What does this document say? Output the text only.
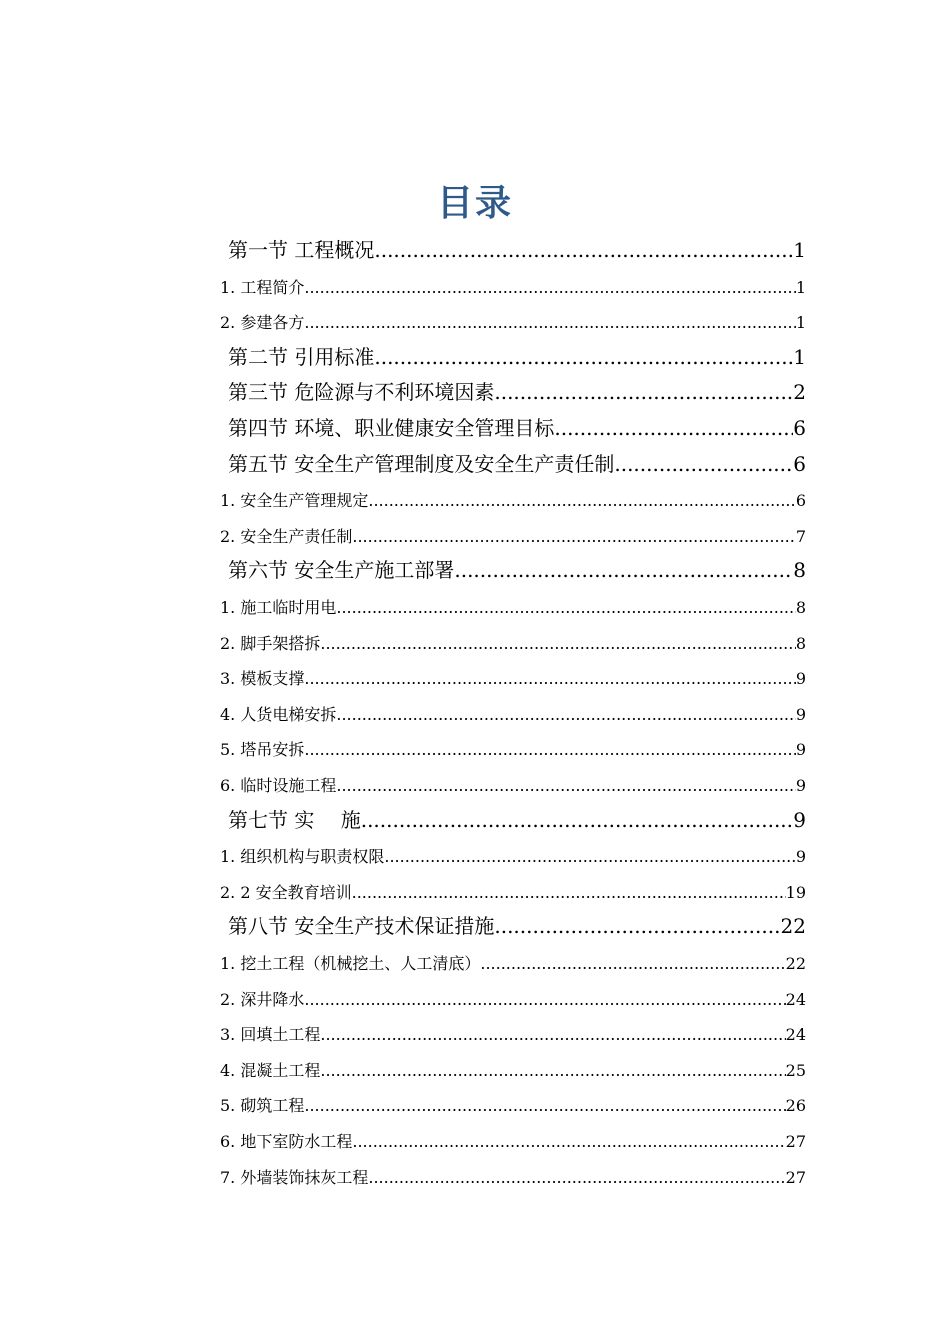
目录
第一节 工程概况 .....	1
1. 工程简介 .....	1
2. 参建各方 .....	1
第二节 引用标准 .....	1
第三节 危险源与不利环境因素 .....	2
第四节 环境、职业健康安全管理目标 .....	6
第五节 安全生产管理制度及安全生产责任制 .....	6
1. 安全生产管理规定 .....	6
2. 安全生产责任制 .....	7
第六节 安全生产施工部署 .....	8
1. 施工临时用电 .....	8
2. 脚手架搭拆 .....	8
3. 模板支撑 .....	9
4. 人货电梯安拆 .....	9
5. 塔吊安拆 .....	9
6. 临时设施工程 .....	9
第七节 实　 施 .....	9
1. 组织机构与职责权限 .....	9
2. 2 安全教育培训 .....	19
第八节 安全生产技术保证措施 .....	22
1. 挖土工程（机械挖土、人工清底） .....	22
2. 深井降水 .....	24
3. 回填土工程 .....	24
4. 混凝土工程 .....	25
5. 砌筑工程 .....	26
6. 地下室防水工程 .....	27
7. 外墙装饰抹灰工程 .....	27
